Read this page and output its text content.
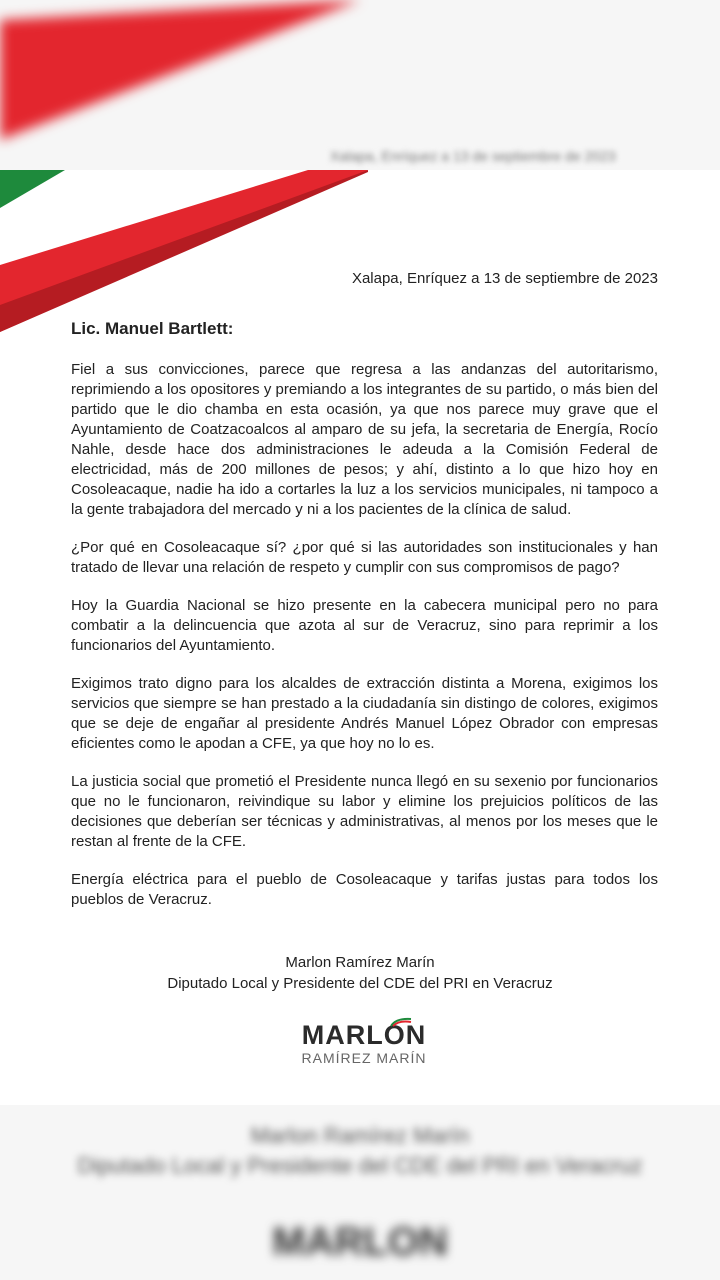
Xalapa, Enríquez a 13 de septiembre de 2023
Xalapa, Enríquez a 13 de septiembre de 2023
Lic. Manuel Bartlett:

Fiel a sus convicciones, parece que regresa a las andanzas del autoritarismo, reprimiendo a los opositores y premiando a los integrantes de su partido, o más bien del partido que le dio chamba en esta ocasión, ya que nos parece muy grave que el Ayuntamiento de Coatzacoalcos al amparo de su jefa, la secretaria de Energía, Rocío Nahle, desde hace dos administraciones le adeuda a la Comisión Federal de electricidad, más de 200 millones de pesos; y ahí, distinto a lo que hizo hoy en Cosoleacaque, nadie ha ido a cortarles la luz a los servicios municipales, ni tampoco a la gente trabajadora del mercado y ni a los pacientes de la clínica de salud.

¿Por qué en Cosoleacaque sí? ¿por qué si las autoridades son institucionales y han tratado de llevar una relación de respeto y cumplir con sus compromisos de pago?

Hoy la Guardia Nacional se hizo presente en la cabecera municipal pero no para combatir a la delincuencia que azota al sur de Veracruz, sino para reprimir a los funcionarios del Ayuntamiento.

Exigimos trato digno para los alcaldes de extracción distinta a Morena, exigimos los servicios que siempre se han prestado a la ciudadanía sin distingo de colores, exigimos que se deje de engañar al presidente Andrés Manuel López Obrador con empresas eficientes como le apodan a CFE, ya que hoy no lo es.

La justicia social que prometió el Presidente nunca llegó en su sexenio por funcionarios que no le funcionaron, reivindique su labor y elimine los prejuicios políticos de las decisiones que deberían ser técnicas y administrativas, al menos por los meses que le restan al frente de la CFE.

Energía eléctrica para el pueblo de Cosoleacaque y tarifas justas para todos los pueblos de Veracruz.

Marlon Ramírez Marín
Diputado Local y Presidente del CDE del PRI en Veracruz
MARLON
RAMÍREZ MARÍN
Marlon Ramírez Marín
Diputado Local y Presidente del CDE del PRI en Veracruz
MARLON
